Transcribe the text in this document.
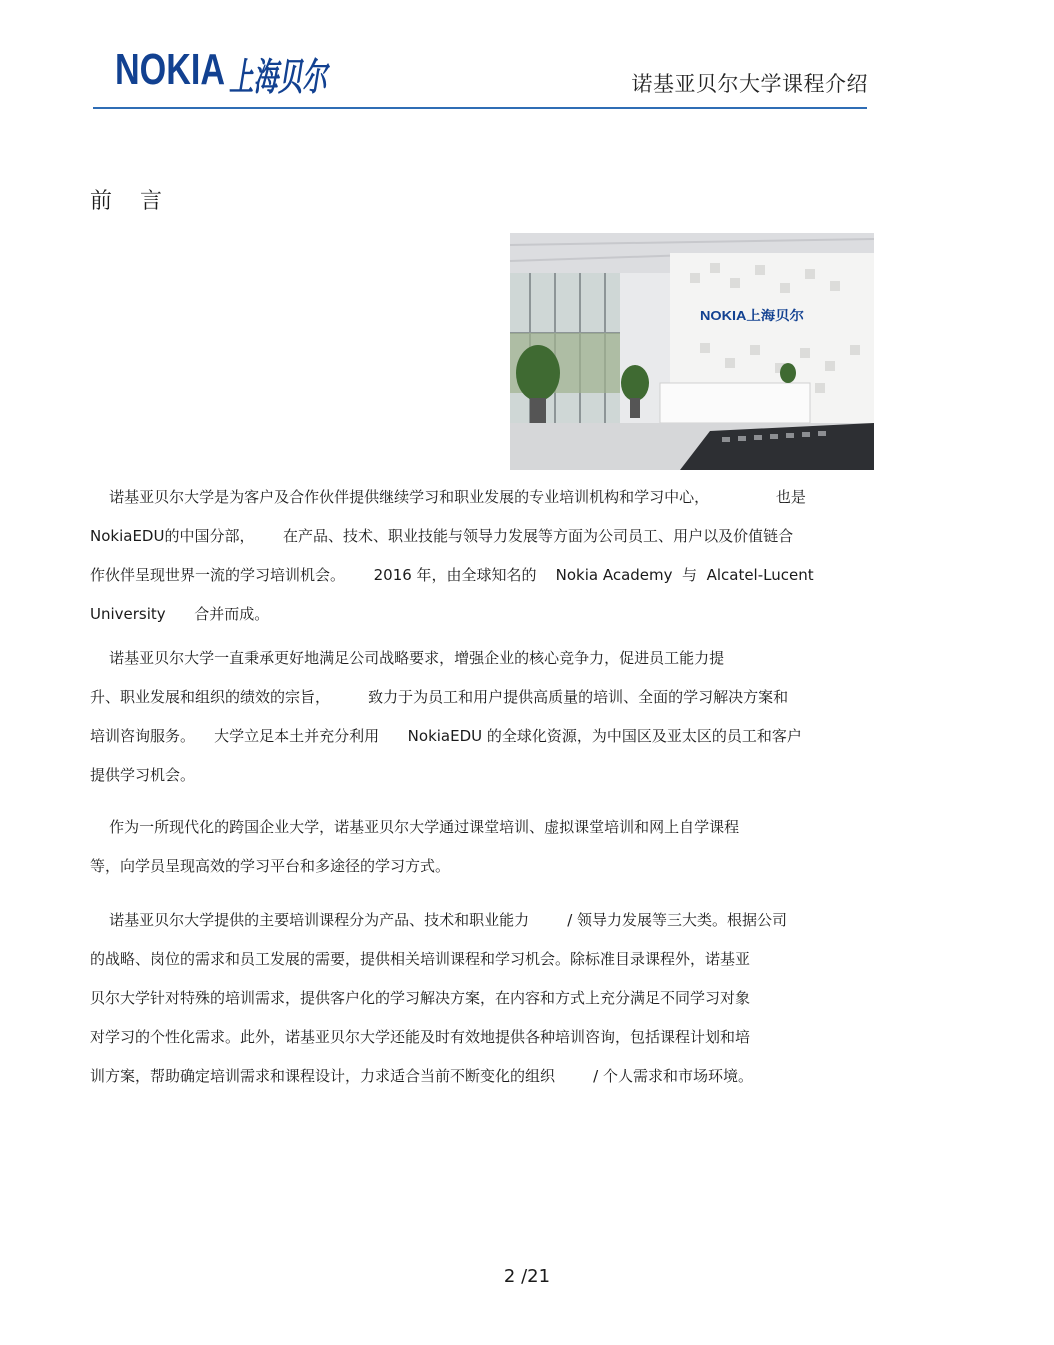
NOKIA 上海贝尔	诺基亚贝尔大学课程介绍
前言
NOKIA上海贝尔
诺基亚贝尔大学是为客户及合作伙伴提供继续学习和职业发展的专业培训机构和学习中心，              也是
NokiaEDU的中国分部，      在产品、技术、职业技能与领导力发展等方面为公司员工、用户以及价值链合
作伙伴呈现世界一流的学习培训机会。      2016 年，由全球知名的    Nokia Academy  与  Alcatel-Lucent
University      合并而成。
诺基亚贝尔大学一直秉承更好地满足公司战略要求，增强企业的核心竞争力，促进员工能力提
升、职业发展和组织的绩效的宗旨，        致力于为员工和用户提供高质量的培训、全面的学习解决方案和
培训咨询服务。    大学立足本土并充分利用      NokiaEDU 的全球化资源，为中国区及亚太区的员工和客户
提供学习机会。
作为一所现代化的跨国企业大学，诺基亚贝尔大学通过课堂培训、虚拟课堂培训和网上自学课程
等，向学员呈现高效的学习平台和多途径的学习方式。
诺基亚贝尔大学提供的主要培训课程分为产品、技术和职业能力        / 领导力发展等三大类。根据公司
的战略、岗位的需求和员工发展的需要，提供相关培训课程和学习机会。除标准目录课程外，诺基亚
贝尔大学针对特殊的培训需求，提供客户化的学习解决方案，在内容和方式上充分满足不同学习对象
对学习的个性化需求。此外，诺基亚贝尔大学还能及时有效地提供各种培训咨询，包括课程计划和培
训方案，帮助确定培训需求和课程设计，力求适合当前不断变化的组织        / 个人需求和市场环境。
2 /21
